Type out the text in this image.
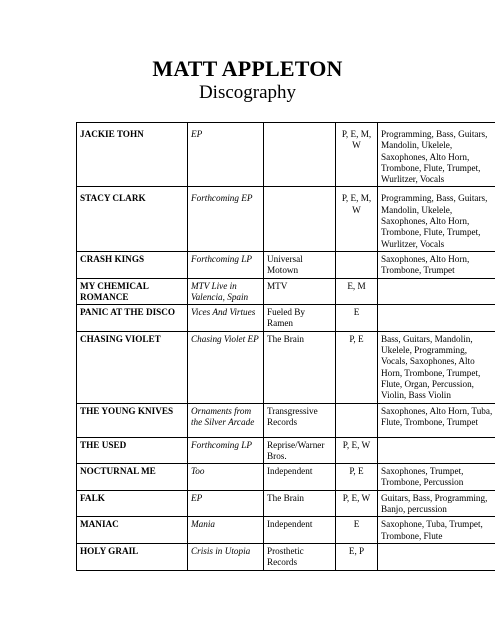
MATT APPLETON
Discography
JACKIE TOHN	EP		P, E, M, W	Programming, Bass, Guitars, Mandolin, Ukelele, Saxophones, Alto Horn, Trombone, Flute, Trumpet, Wurlitzer, Vocals
STACY CLARK	Forthcoming EP		P, E, M, W	Programming, Bass, Guitars, Mandolin, Ukelele, Saxophones, Alto Horn, Trombone, Flute, Trumpet, Wurlitzer, Vocals
CRASH KINGS	Forthcoming LP	Universal Motown		Saxophones, Alto Horn, Trombone, Trumpet
MY CHEMICAL ROMANCE	MTV Live in Valencia, Spain	MTV	E, M	
PANIC AT THE DISCO	Vices And Virtues	Fueled By Ramen	E	
CHASING VIOLET	Chasing Violet EP	The Brain	P, E	Bass, Guitars, Mandolin, Ukelele, Programming, Vocals, Saxophones, Alto Horn, Trombone, Trumpet, Flute, Organ, Percussion, Violin, Bass Violin
THE YOUNG KNIVES	Ornaments from the Silver Arcade	Transgressive Records		Saxophones, Alto Horn, Tuba, Flute, Trombone, Trumpet
THE USED	Forthcoming LP	Reprise/Warner Bros.	P, E, W	
NOCTURNAL ME	Too	Independent	P, E	Saxophones, Trumpet, Trombone, Percussion
FALK	EP	The Brain	P, E, W	Guitars, Bass, Programming, Banjo, percussion
MANIAC	Mania	Independent	E	Saxophone, Tuba, Trumpet, Trombone, Flute
HOLY GRAIL	Crisis in Utopia	Prosthetic Records	E, P	
